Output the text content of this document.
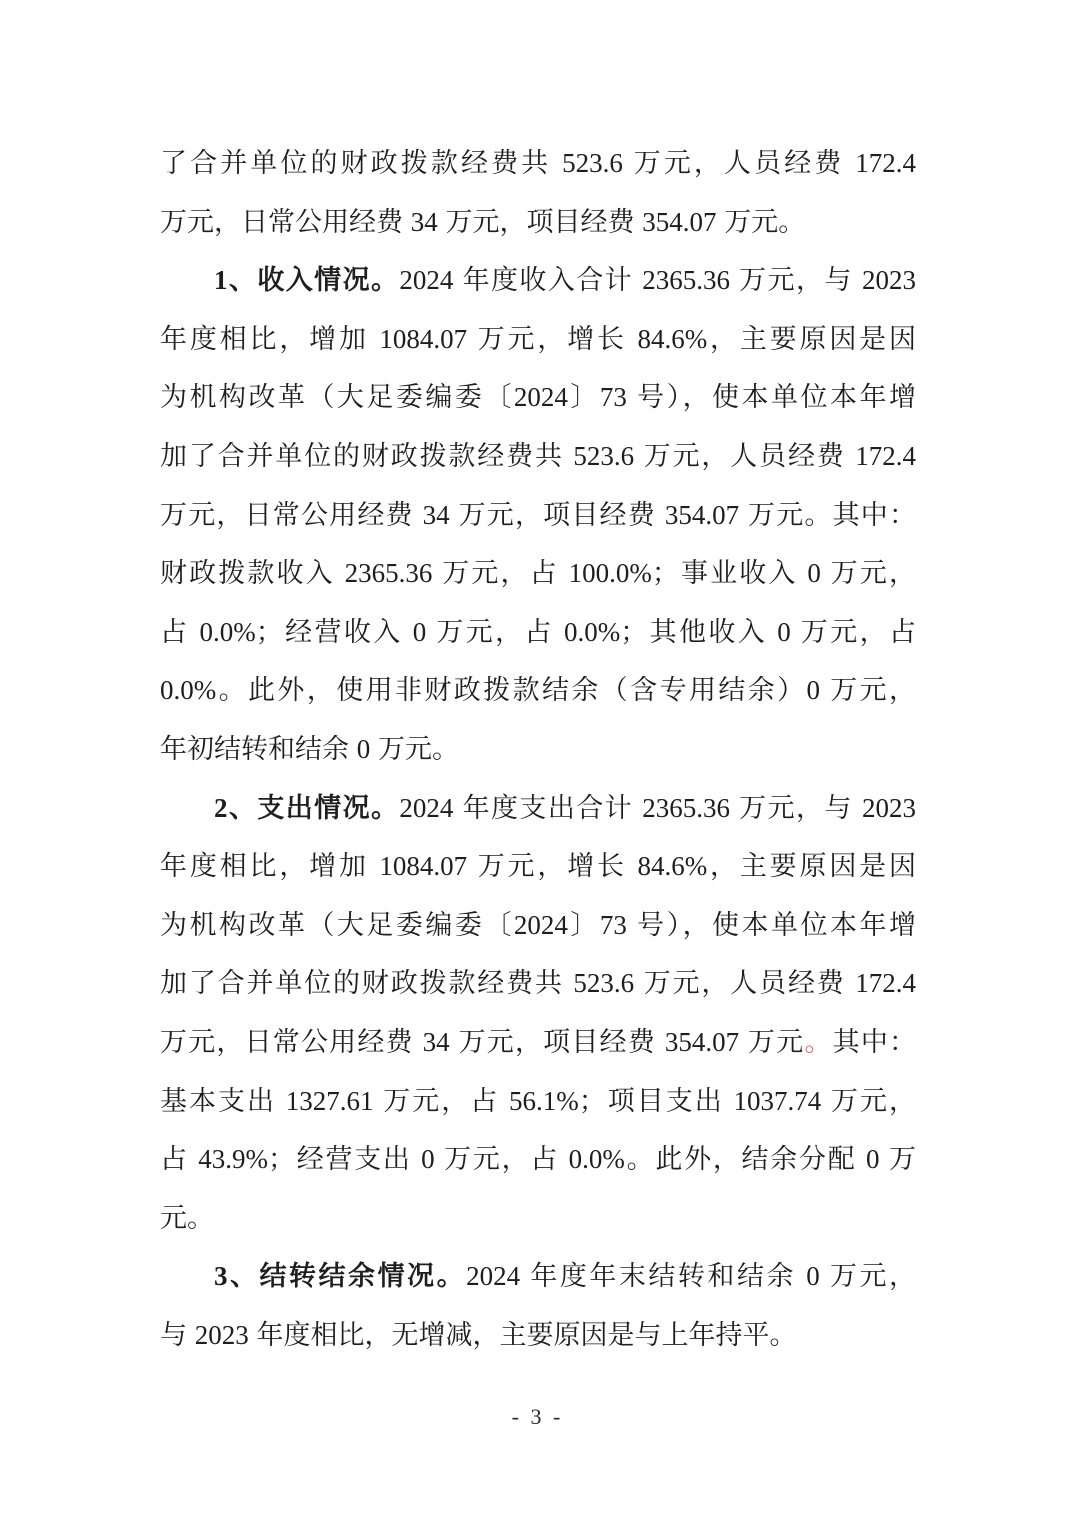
了合并单位的财政拨款经费共 523.6 万元，人员经费 172.4
万元，日常公用经费 34 万元，项目经费 354.07 万元。
1、收入情况。2024 年度收入合计 2365.36 万元，与 2023
年度相比，增加 1084.07 万元，增长 84.6%，主要原因是因
为机构改革（大足委编委〔2024〕73 号），使本单位本年增
加了合并单位的财政拨款经费共 523.6 万元，人员经费 172.4
万元，日常公用经费 34 万元，项目经费 354.07 万元。其中：
财政拨款收入 2365.36 万元，占 100.0%；事业收入 0 万元，
占 0.0%；经营收入 0 万元，占 0.0%；其他收入 0 万元，占
0.0%。此外，使用非财政拨款结余（含专用结余）0 万元，
年初结转和结余 0 万元。
2、支出情况。2024 年度支出合计 2365.36 万元，与 2023
年度相比，增加 1084.07 万元，增长 84.6%，主要原因是因
为机构改革（大足委编委〔2024〕73 号），使本单位本年增
加了合并单位的财政拨款经费共 523.6 万元，人员经费 172.4
万元，日常公用经费 34 万元，项目经费 354.07 万元。其中：
基本支出 1327.61 万元，占 56.1%；项目支出 1037.74 万元，
占 43.9%；经营支出 0 万元，占 0.0%。此外，结余分配 0 万
元。
3、结转结余情况。2024 年度年末结转和结余 0 万元，
与 2023 年度相比，无增减，主要原因是与上年持平。
- 3 -
